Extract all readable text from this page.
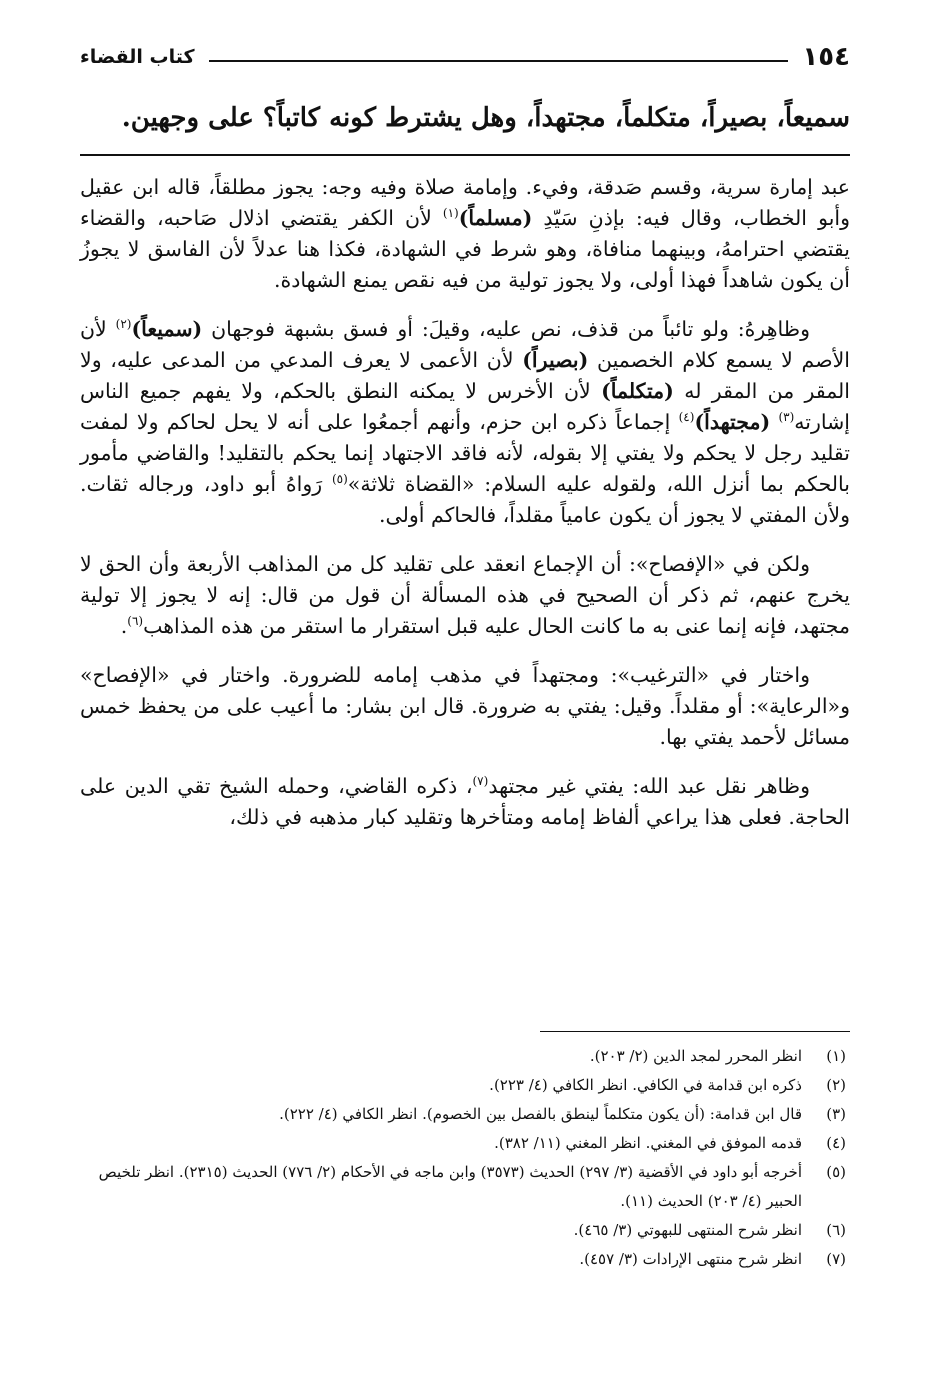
١٥٤
كتاب القضاء
سميعاً، بصيراً، متكلماً، مجتهداً، وهل يشترط كونه كاتباً؟ على وجهين.

عبد إمارة سرية، وقسم صَدقة، وفيء. وإمامة صلاة وفيه وجه: يجوز مطلقاً، قاله ابن عقيل وأبو الخطاب، وقال فيه: بإذنِ سَيّدِ (مسلماً)$^{(١)}$ لأن الكفر يقتضي اذلال صَاحبه، والقضاء يقتضي احترامهُ، وبينهما منافاة، وهو شرط في الشهادة، فكذا هنا عدلاً لأن الفاسق لا يجوزُ أن يكون شاهداً فهذا أولى، ولا يجوز تولية من فيه نقص يمنع الشهادة.

وظاهِرهُ: ولو تائباً من قذف، نص عليه، وقيلَ: أو فسق بشبهة فوجهان (سميعاً)$^{(٢)}$ لأن الأصم لا يسمع كلام الخصمين (بصيراً) لأن الأعمى لا يعرف المدعي من المدعى عليه، ولا المقر من المقر له (متكلماً) لأن الأخرس لا يمكنه النطق بالحكم، ولا يفهم جميع الناس إشارته$^{(٣)}$ (مجتهداً)$^{(٤)}$ إجماعاً ذكره ابن حزم، وأنهم أجمعُوا على أنه لا يحل لحاكم ولا لمفت تقليد رجل لا يحكم ولا يفتي إلا بقوله، لأنه فاقد الاجتهاد إنما يحكم بالتقليد! والقاضي مأمور بالحكم بما أنزل الله، ولقوله عليه السلام: «القضاة ثلاثة»$^{(٥)}$ رَواهُ أبو داود، ورجاله ثقات. ولأن المفتي لا يجوز أن يكون عامياً مقلداً، فالحاكم أولى.

ولكن في «الإفصاح»: أن الإجماع انعقد على تقليد كل من المذاهب الأربعة وأن الحق لا يخرج عنهم، ثم ذكر أن الصحيح في هذه المسألة أن قول من قال: إنه لا يجوز إلا تولية مجتهد، فإنه إنما عنى به ما كانت الحال عليه قبل استقرار ما استقر من هذه المذاهب$^{(٦)}$.

واختار في «الترغيب»: ومجتهداً في مذهب إمامه للضرورة. واختار في «الإفصاح» و«الرعاية»: أو مقلداً. وقيل: يفتي به ضرورة. قال ابن بشار: ما أعيب على من يحفظ خمس مسائل لأحمد يفتي بها.

وظاهر نقل عبد الله: يفتي غير مجتهد$^{(٧)}$، ذكره القاضي، وحمله الشيخ تقي الدين على الحاجة. فعلى هذا يراعي ألفاظ إمامه ومتأخرها وتقليد كبار مذهبه في ذلك،

(١)
انظر المحرر لمجد الدين (٢/ ٢٠٣).
(٢)
ذكره ابن قدامة في الكافي. انظر الكافي (٤/ ٢٢٣).
(٣)
قال ابن قدامة: (أن يكون متكلماً لينطق بالفصل بين الخصوم). انظر الكافي (٤/ ٢٢٢).
(٤)
قدمه الموفق في المغني. انظر المغني (١١/ ٣٨٢).
(٥)
أخرجه أبو داود في الأقضية (٣/ ٢٩٧) الحديث (٣٥٧٣) وابن ماجه في الأحكام (٢/ ٧٧٦) الحديث (٢٣١٥). انظر تلخيص الحبير (٤/ ٢٠٣) الحديث (١١).
(٦)
انظر شرح المنتهى للبهوتي (٣/ ٤٦٥).
(٧)
انظر شرح منتهى الإرادات (٣/ ٤٥٧).
